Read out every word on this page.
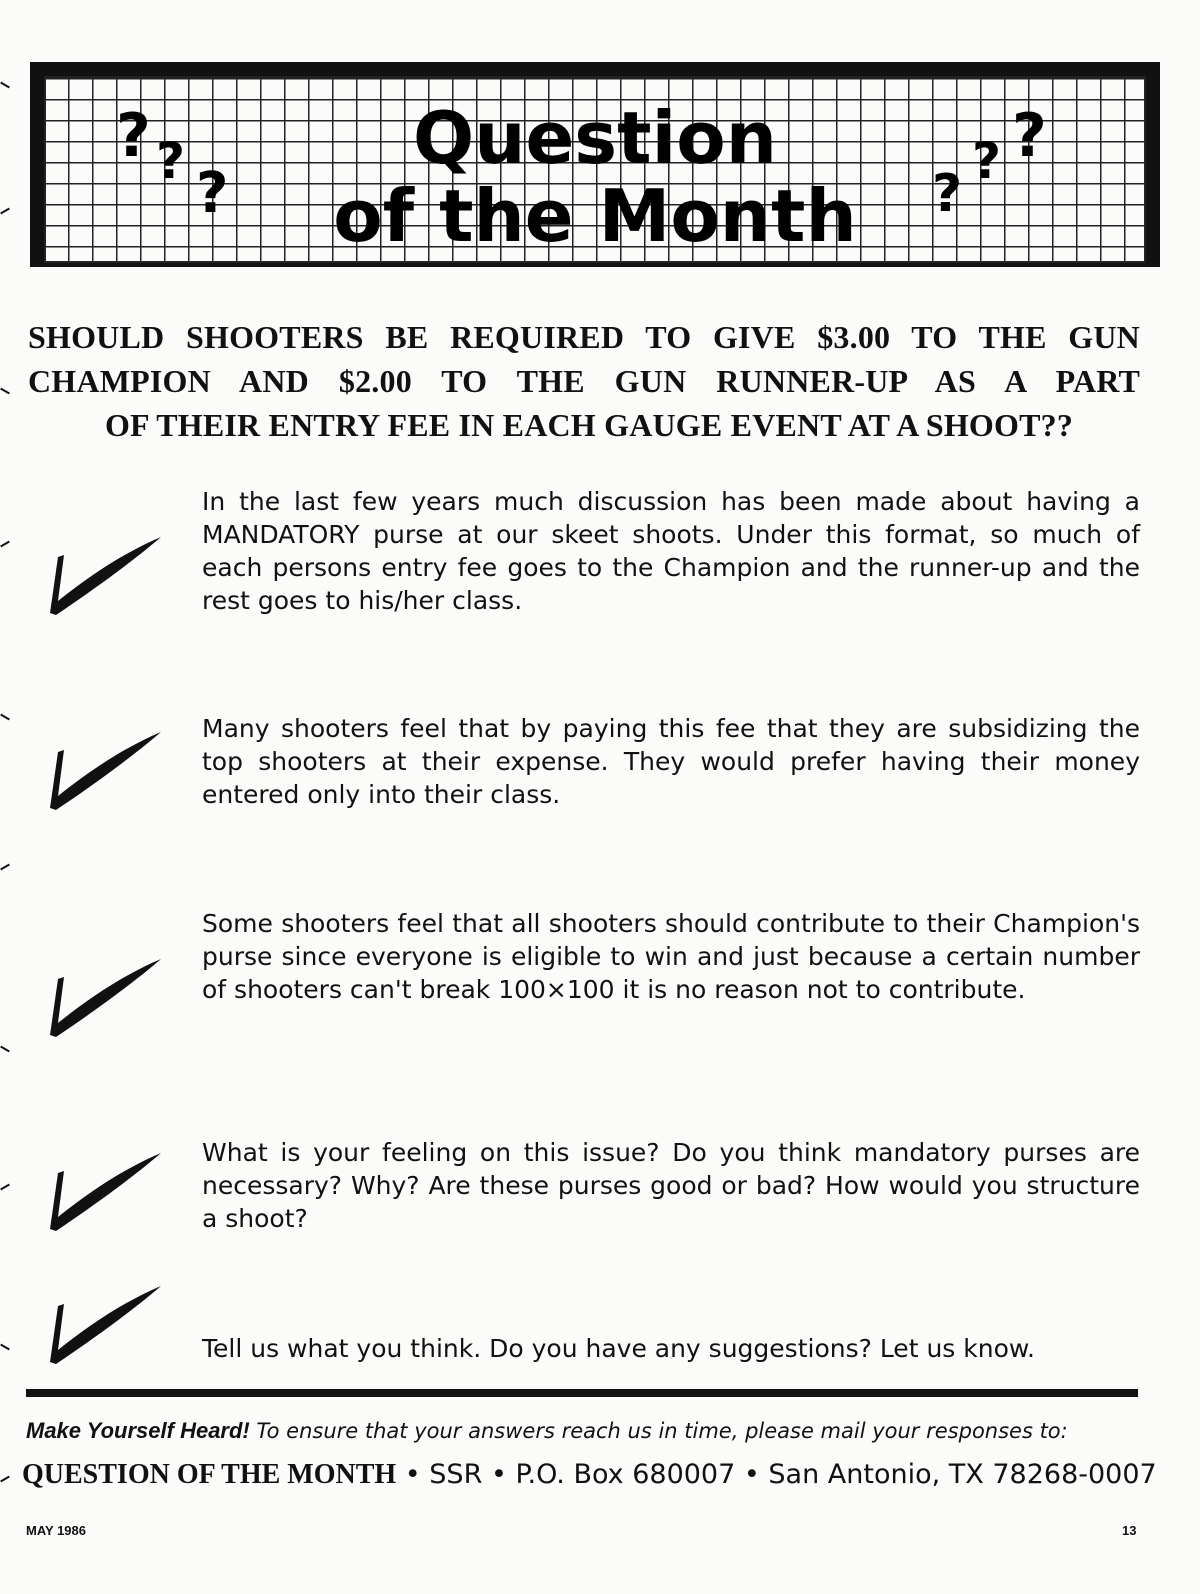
Question
of the Month
? ? ?	?
? ?
SHOULD SHOOTERS BE REQUIRED TO GIVE $3.00 TO THE GUN
CHAMPION AND $2.00 TO THE GUN RUNNER-UP AS A PART
OF THEIR ENTRY FEE IN EACH GAUGE EVENT AT A SHOOT??
In the last few years much discussion has been made about having a MANDATORY purse at our skeet shoots. Under this format, so much of each persons entry fee goes to the Champion and the runner-up and the rest goes to his/her class.
Many shooters feel that by paying this fee that they are subsidizing the top shooters at their expense. They would prefer having their money entered only into their class.
Some shooters feel that all shooters should contribute to their Champion's purse since everyone is eligible to win and just because a certain number of shooters can't break 100×100 it is no reason not to contribute.
What is your feeling on this issue? Do you think mandatory purses are necessary? Why? Are these purses good or bad? How would you structure a shoot?
Tell us what you think. Do you have any suggestions? Let us know.
Make Yourself Heard! To ensure that your answers reach us in time, please mail your responses to:
QUESTION OF THE MONTH • SSR • P.O. Box 680007 • San Antonio, TX 78268-0007
MAY 1986	13
